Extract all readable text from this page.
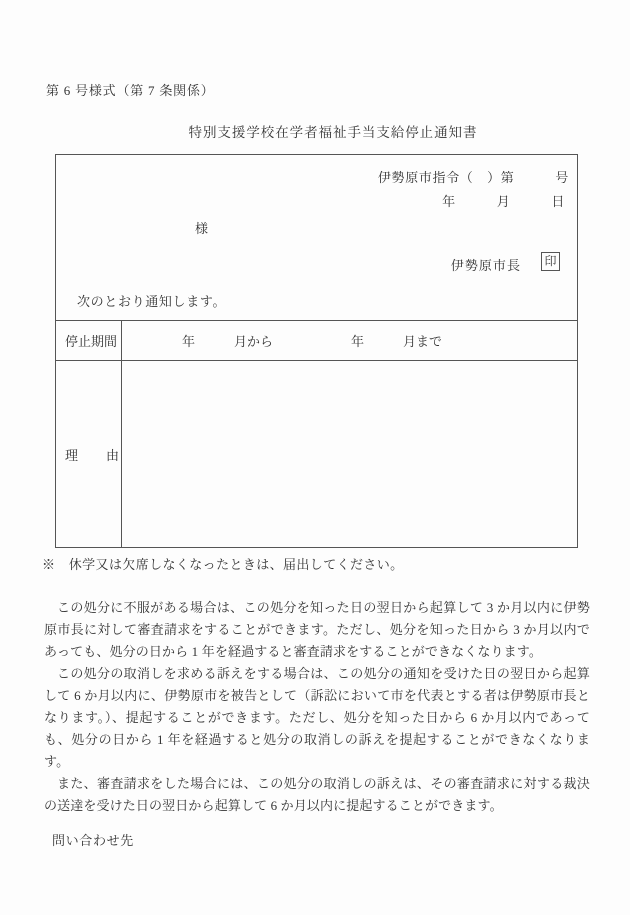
第 6 号様式（第 7 条関係）
特別支援学校在学者福祉手当支給停止通知書
伊勢原市指令（　）第　　　号
年　　　月　　　日
様
伊勢原市長 印
次のとおり通知します。
停止期間	年　　　月から　　　　　　年　　　月まで
理　　由
※　休学又は欠席しなくなったときは、届出してください。

この処分に不服がある場合は、この処分を知った日の翌日から起算して 3 か月以内に伊勢原市長に対して審査請求をすることができます。ただし、処分を知った日から 3 か月以内であっても、処分の日から 1 年を経過すると審査請求をすることができなくなります。

この処分の取消しを求める訴えをする場合は、この処分の通知を受けた日の翌日から起算して 6 か月以内に、伊勢原市を被告として（訴訟において市を代表とする者は伊勢原市長となります。）、提起することができます。ただし、処分を知った日から 6 か月以内であっても、処分の日から 1 年を経過すると処分の取消しの訴えを提起することができなくなります。

また、審査請求をした場合には、この処分の取消しの訴えは、その審査請求に対する裁決の送達を受けた日の翌日から起算して 6 か月以内に提起することができます。

問い合わせ先
